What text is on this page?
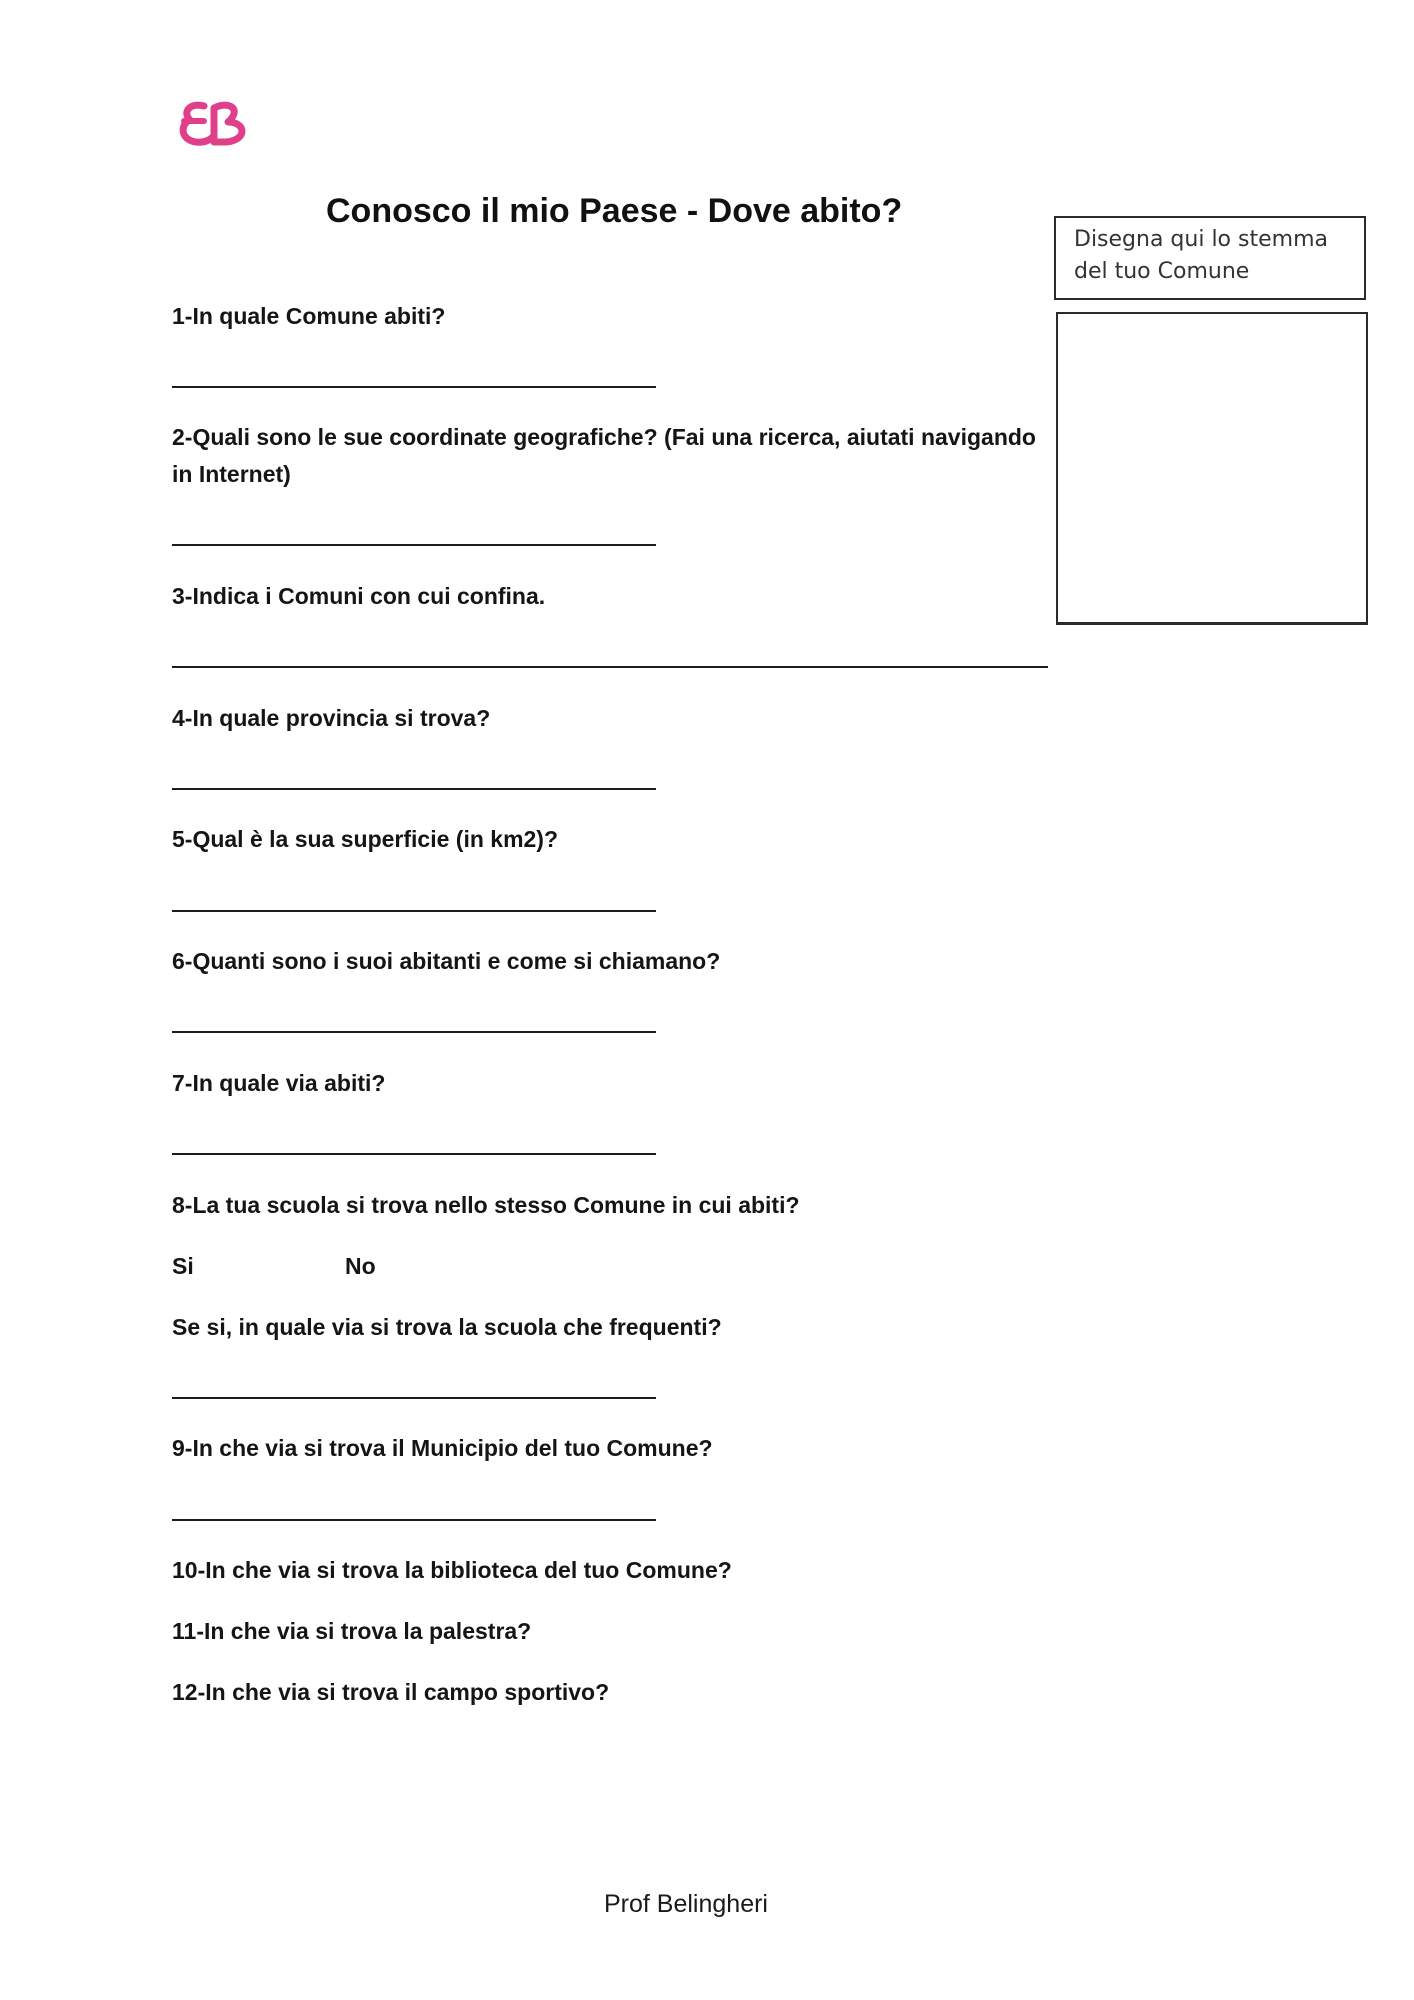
Conosco il mio Paese - Dove abito?
Disegna qui lo stemma del tuo Comune
1-In quale Comune abiti?
2-Quali sono le sue coordinate geografiche? (Fai una ricerca, aiutati navigando in Internet)
3-Indica i Comuni con cui confina.
4-In quale provincia si trova?
5-Qual è la sua superficie (in km2)?
6-Quanti sono i suoi abitanti e come si chiamano?
7-In quale via abiti?
8-La tua scuola si trova nello stesso Comune in cui abiti?
Si	No
Se si, in quale via si trova la scuola che frequenti?
9-In che via si trova il Municipio del tuo Comune?
10-In che via si trova la biblioteca del tuo Comune?
11-In che via si trova la palestra?
12-In che via si trova il campo sportivo?
Prof Belingheri
